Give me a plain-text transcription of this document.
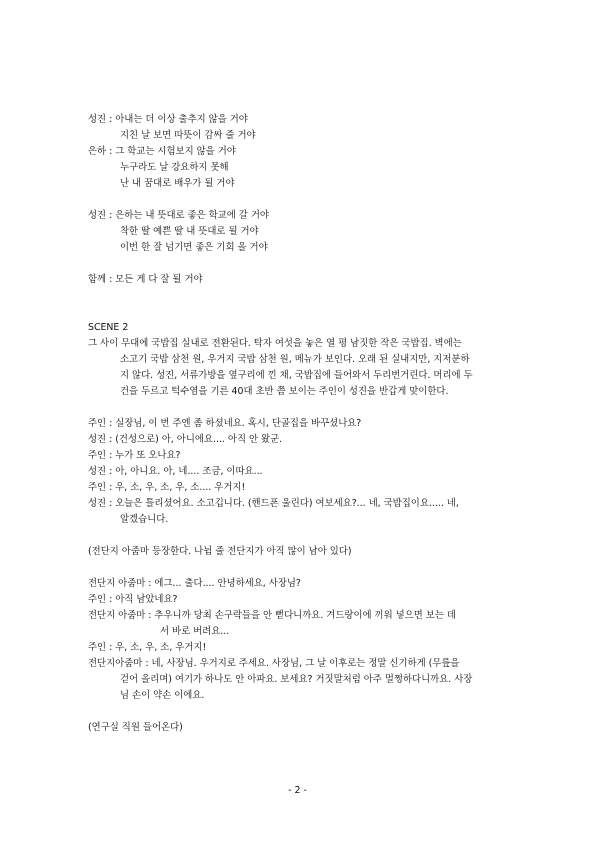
성진 : 아내는 더 이상 출추지 않을 거야
지친 날 보면 따뜻이 감싸 줄 거야
은하 : 그 학교는 시험보지 않을 거야
누구라도 날 강요하지 못해
난 내 꿈대로 배우가 될 거야
성진 : 은하는 내 뜻대로 좋은 학교에 갈 거야
착한 딸 예쁜 딸 내 뜻대로 될 거야
이번 한 잘 넘기면 좋은 기회 올 거야
함께 : 모든 게 다 잘 될 거야
SCENE 2
그 사이 무대에 국밥집 실내로 전환된다. 탁자 여섯을 놓은 열 평 남짓한 작은 국밥집. 벽에는
소고기 국밥 삼천 원, 우거지 국밥 삼천 원, 메뉴가 보인다. 오래 된 실내지만, 지저분하
지 않다. 성진, 서류가방을 옆구리에 낀 채, 국밥집에 들어와서 두리번거린다. 머리에 두
건을 두르고 턱수염을 기른 40대 초반 쯤 보이는 주인이 성진을 반갑게 맞이한다.
주인 : 실장님, 이 번 주엔 좀 하셨네요. 혹시, 단골집을 바꾸셨나요?
성진 : (건성으로) 아, 아니에요.... 아직 안 왔군.
주인 : 누가 또 오나요?
성진 : 아, 아니요. 아, 네.... 조금, 이따요...
주인 : 우, 소, 우, 소, 우, 소.... 우거지!
성진 : 오늘은 틀리셨어요. 소고깁니다. (핸드폰 울린다) 여보세요?... 네, 국밥집이요..... 네,
알겠습니다.
(전단지 아줌마 등장한다. 나뉨 줄 전단지가 아직 많이 남아 있다)
전단지 아줌마 : 에그... 출다.... 안녕하세요, 사장님?
주인 : 아직 남았네요?
전단지 아줌마 : 추우니까 당최 손구락들을 안 뻗다니까요. 겨드랑이에 끼워 넣으면 보는 데
서 바로 버려요...
주인 : 우, 소, 우, 소, 우거지!
전단지아줌마 : 네, 사장님. 우거지로 주세요. 사장님, 그 날 이후로는 정말 신기하게 (무릎을
걷어 올리며) 여기가 하나도 안 아파요. 보세요? 거짓말처럼 아주 멀쩡하다니까요. 사장
님 손이 약손 이에요.
(연구실 직원 들어온다)
- 2 -
